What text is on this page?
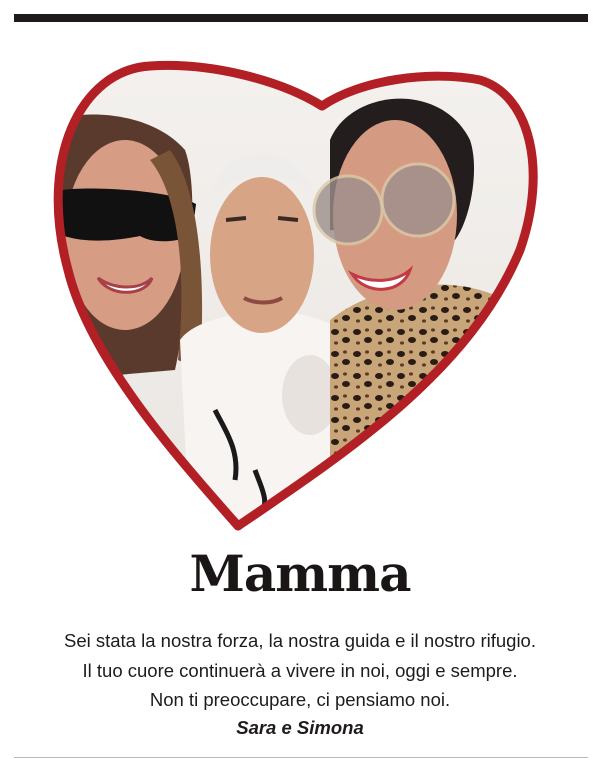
Mamma
Sei stata la nostra forza, la nostra guida e il nostro rifugio.
Il tuo cuore continuerà a vivere in noi, oggi e sempre.
Non ti preoccupare, ci pensiamo noi.
Sara e Simona
